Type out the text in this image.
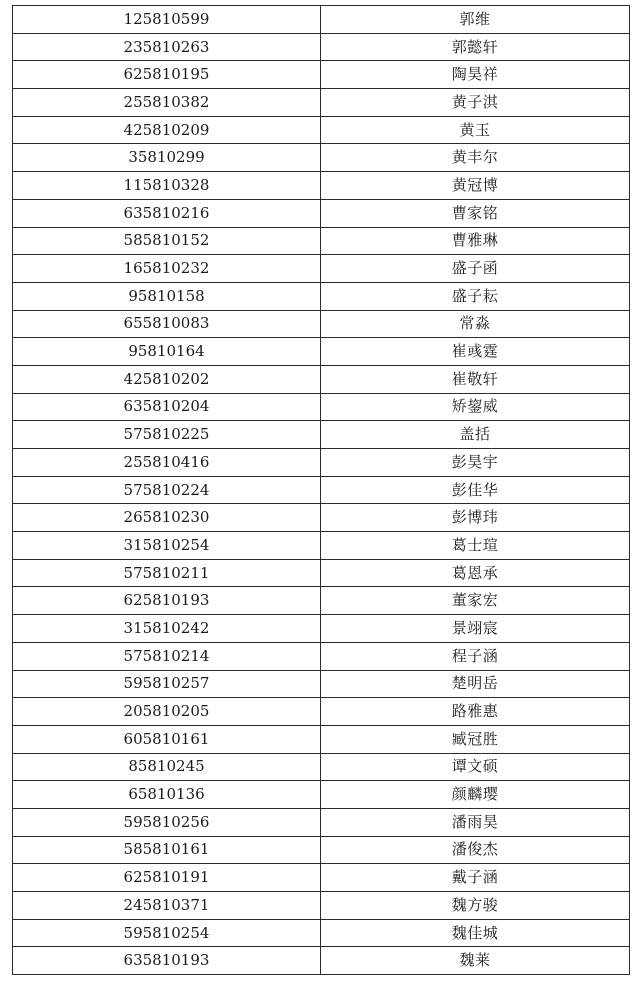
125810599	郭维
235810263	郭懿轩
625810195	陶昊祥
255810382	黄子淇
425810209	黄玉
35810299	黄丰尔
115810328	黄冠博
635810216	曹家铭
585810152	曹雅琳
165810232	盛子函
95810158	盛子耘
655810083	常淼
95810164	崔彧霆
425810202	崔敬轩
635810204	矫鋆威
575810225	盖括
255810416	彭昊宇
575810224	彭佳华
265810230	彭博玮
315810254	葛士瑄
575810211	葛恩承
625810193	董家宏
315810242	景翊宸
575810214	程子涵
595810257	楚明岳
205810205	路雅惠
605810161	臧冠胜
85810245	谭文硕
65810136	颜麟璎
595810256	潘雨昊
585810161	潘俊杰
625810191	戴子涵
245810371	魏方骏
595810254	魏佳城
635810193	魏莱
